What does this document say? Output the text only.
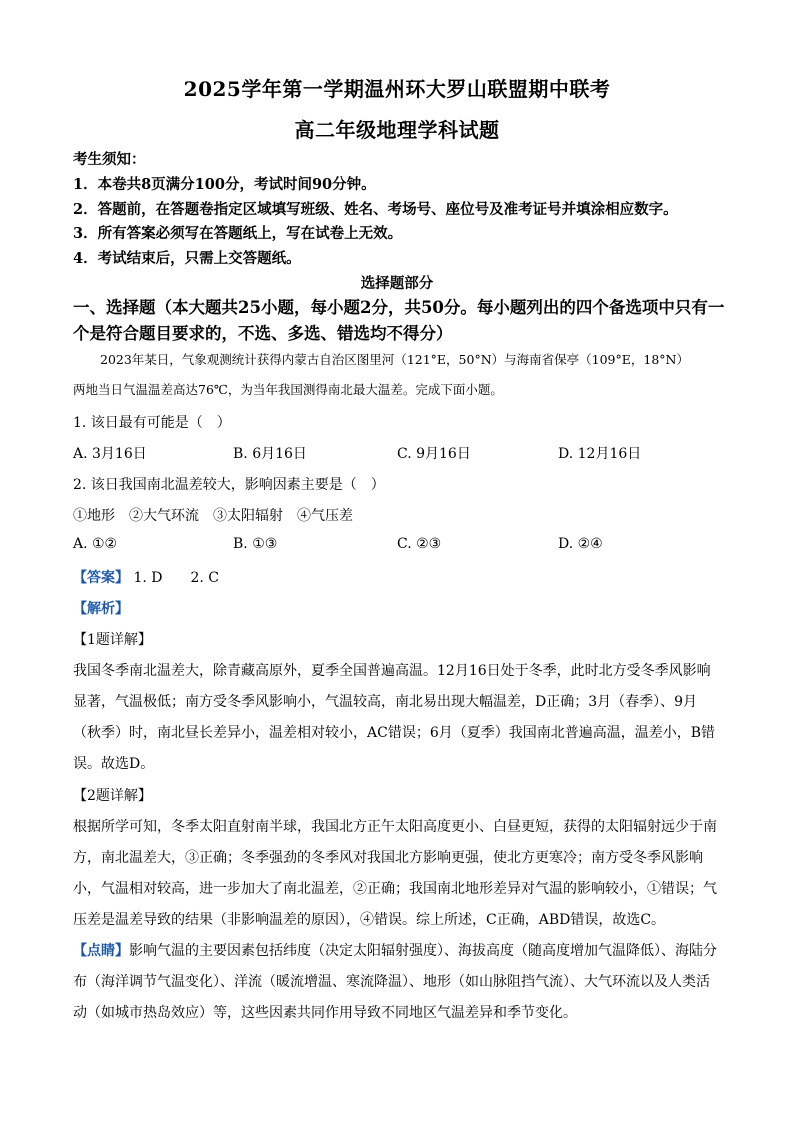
2025学年第一学期温州环大罗山联盟期中联考
高二年级地理学科试题
考生须知：
1．本卷共8页满分100分，考试时间90分钟。
2．答题前，在答题卷指定区域填写班级、姓名、考场号、座位号及准考证号并填涂相应数字。
3．所有答案必须写在答题纸上，写在试卷上无效。
4．考试结束后，只需上交答题纸。
选择题部分
一、选择题（本大题共25小题，每小题2分，共50分。每小题列出的四个备选项中只有一
个是符合题目要求的，不选、多选、错选均不得分）
2023年某日，气象观测统计获得内蒙古自治区图里河（121°E，50°N）与海南省保亭（109°E，18°N）
两地当日气温温差高达76℃，为当年我国测得南北最大温差。完成下面小题。
1. 该日最有可能是（　）
A. 3月16日	B. 6月16日	C. 9月16日	D. 12月16日
2. 该日我国南北温差较大，影响因素主要是（　）
①地形　②大气环流　③太阳辐射　④气压差
A. ①②	B. ①③	C. ②③	D. ②④
【答案】 1. D　　2. C
【解析】
【1题详解】
我国冬季南北温差大，除青藏高原外，夏季全国普遍高温。12月16日处于冬季，此时北方受冬季风影响
显著，气温极低；南方受冬季风影响小，气温较高，南北易出现大幅温差，D正确；3月（春季）、9月
（秋季）时，南北昼长差异小，温差相对较小，AC错误；6月（夏季）我国南北普遍高温，温差小，B错
误。故选D。
【2题详解】
根据所学可知，冬季太阳直射南半球，我国北方正午太阳高度更小、白昼更短，获得的太阳辐射远少于南
方，南北温差大，③正确；冬季强劲的冬季风对我国北方影响更强，使北方更寒冷；南方受冬季风影响
小，气温相对较高，进一步加大了南北温差，②正确；我国南北地形差异对气温的影响较小，①错误；气
压差是温差导致的结果（非影响温差的原因），④错误。综上所述，C正确，ABD错误，故选C。
【点睛】影响气温的主要因素包括纬度（决定太阳辐射强度）、海拔高度（随高度增加气温降低）、海陆分
布（海洋调节气温变化）、洋流（暖流增温、寒流降温）、地形（如山脉阻挡气流）、大气环流以及人类活
动（如城市热岛效应）等，这些因素共同作用导致不同地区气温差异和季节变化。
